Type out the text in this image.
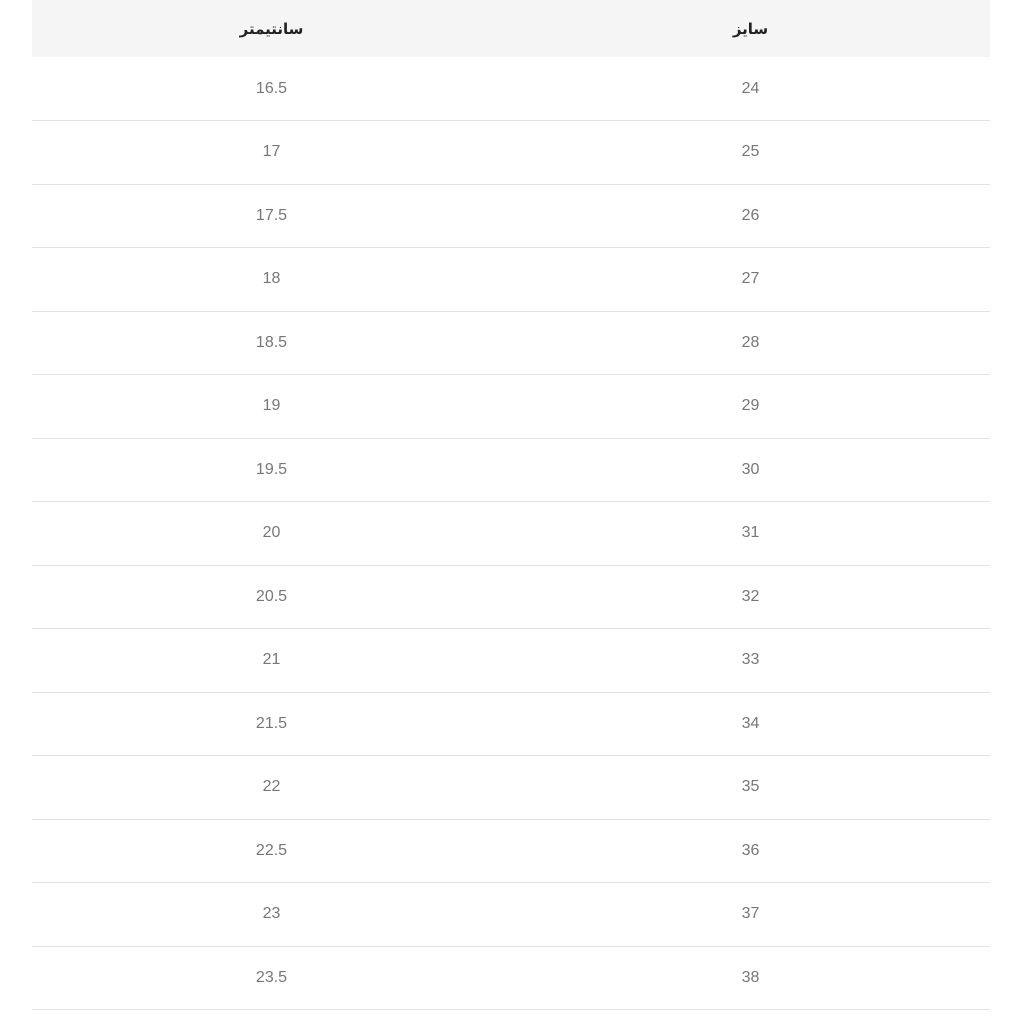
سایز	سانتیمتر
24	16.5
25	17
26	17.5
27	18
28	18.5
29	19
30	19.5
31	20
32	20.5
33	21
34	21.5
35	22
36	22.5
37	23
38	23.5
